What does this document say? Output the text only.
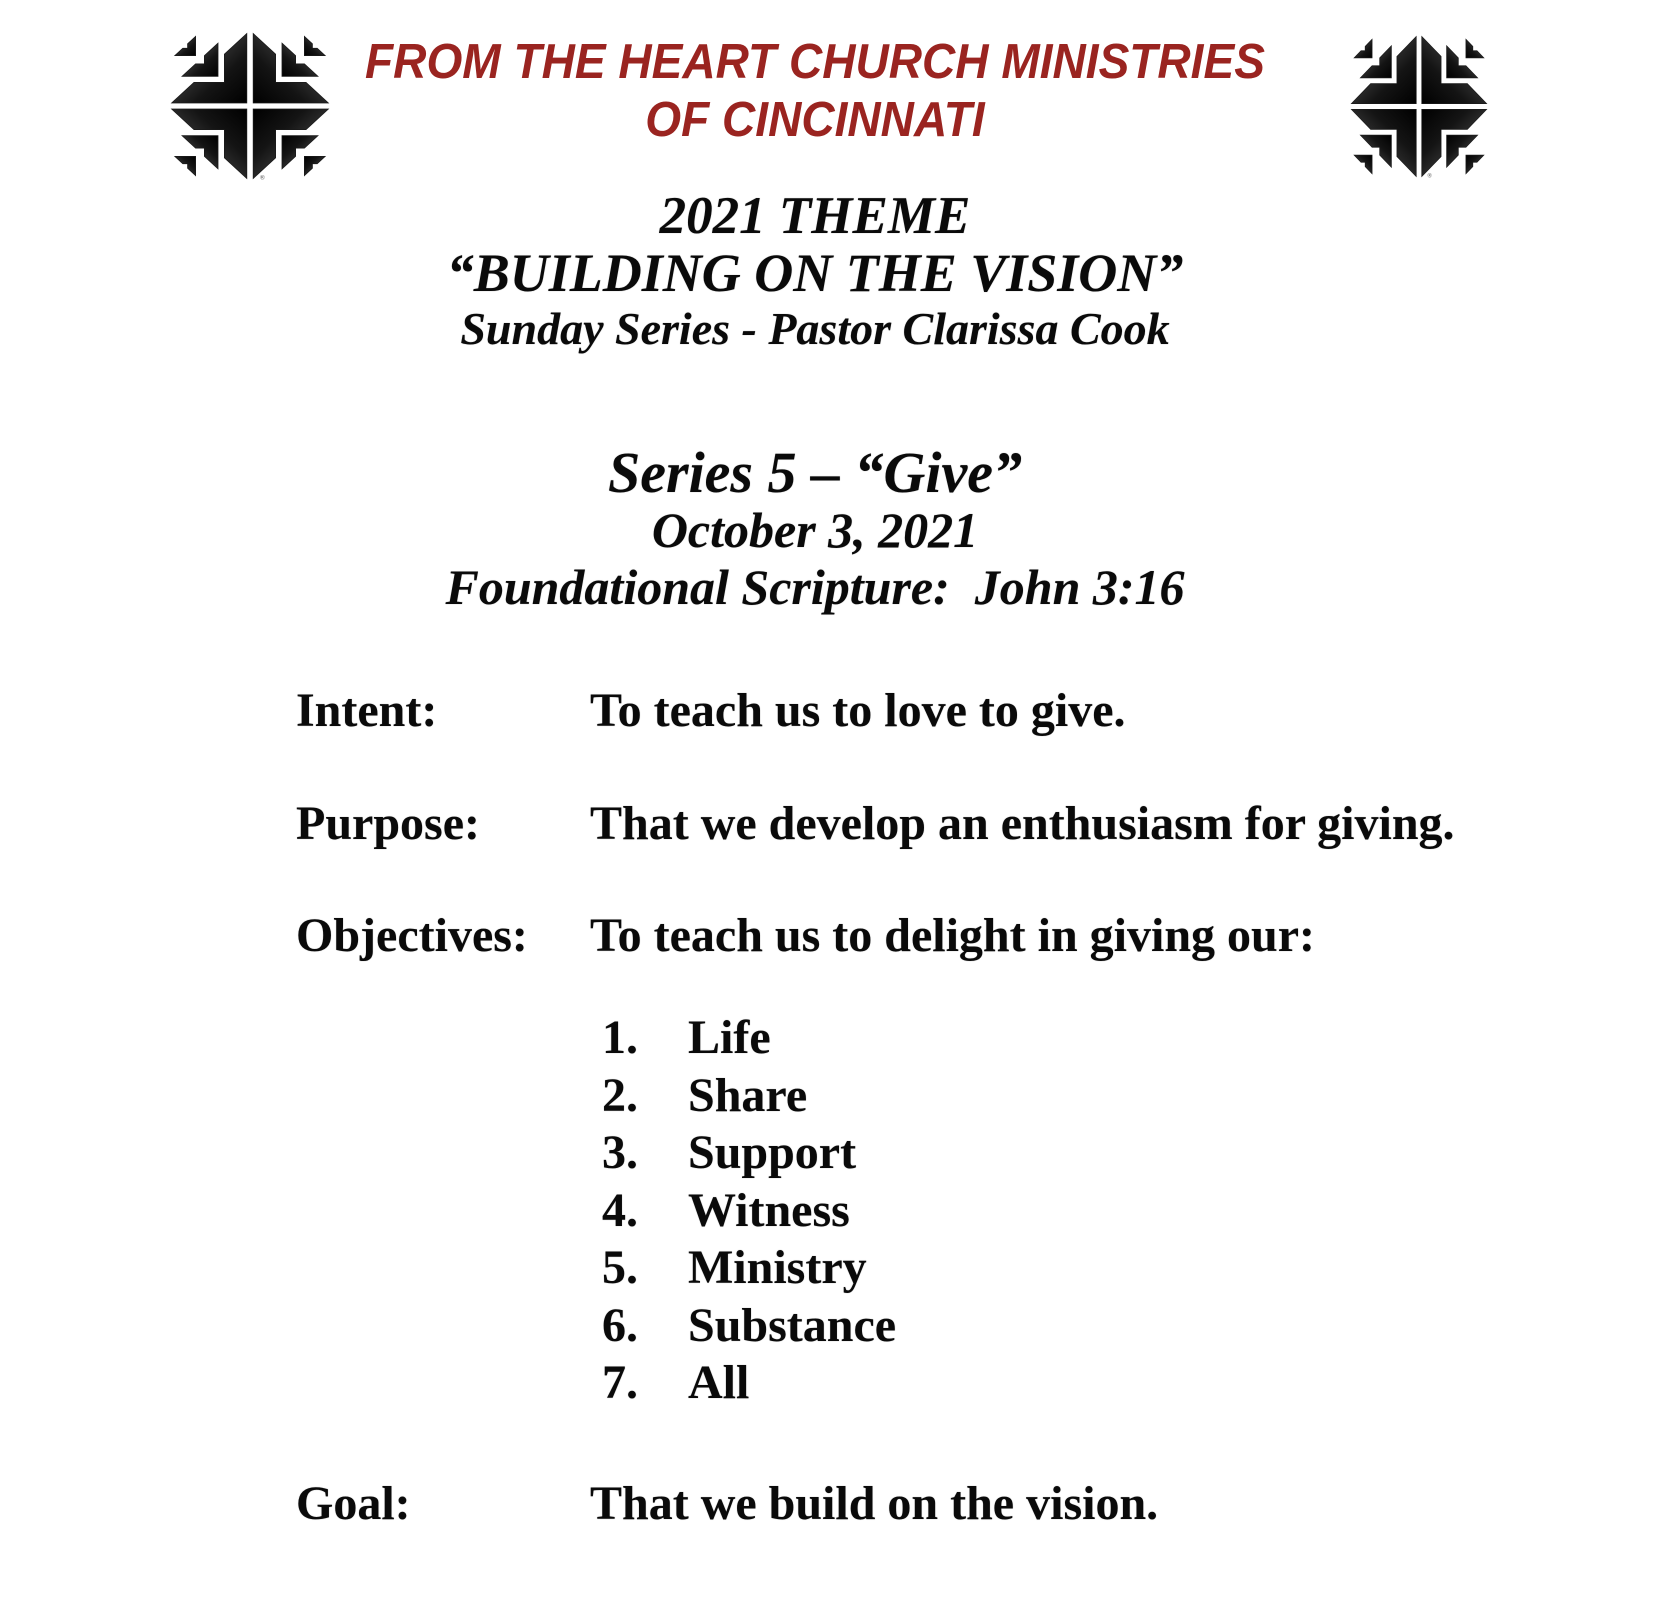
®	®
FROM THE HEART CHURCH MINISTRIES
OF CINCINNATI
2021 THEME
“BUILDING ON THE VISION”
Sunday Series - Pastor Clarissa Cook
Series 5 – “Give”
October 3, 2021
Foundational Scripture:  John 3:16
Intent:	To teach us to love to give.
Purpose: That we develop an enthusiasm for giving.
Objectives: To teach us to delight in giving our:
1. Life
2. Share
3. Support
4. Witness
5. Ministry
6. Substance
7. All
Goal:	That we build on the vision.
